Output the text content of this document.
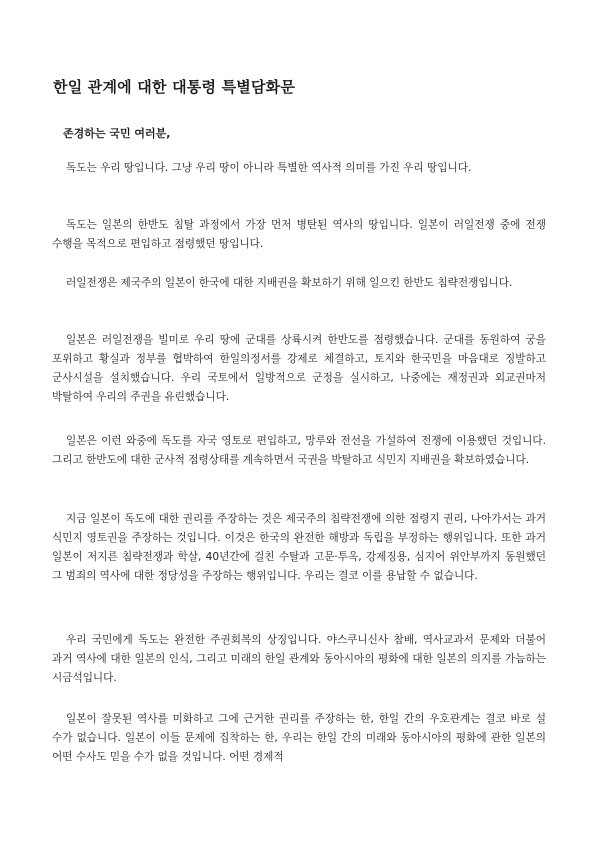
한일 관계에 대한 대통령 특별담화문

존경하는 국민 여러분,

독도는 우리 땅입니다. 그냥 우리 땅이 아니라 특별한 역사적 의미를 가진 우리 땅입니다.

독도는 일본의 한반도 침탈 과정에서 가장 먼저 병탄된 역사의 땅입니다. 일본이 러일전쟁 중에 전쟁 수행을 목적으로 편입하고 점령했던 땅입니다.

러일전쟁은 제국주의 일본이 한국에 대한 지배권을 확보하기 위해 일으킨 한반도 침략전쟁입니다.

일본은 러일전쟁을 빌미로 우리 땅에 군대를 상륙시켜 한반도를 점령했습니다. 군대를 동원하여 궁을 포위하고 황실과 정부를 협박하여 한일의정서를 강제로 체결하고, 토지와 한국민을 마음대로 징발하고 군사시설을 설치했습니다. 우리 국토에서 일방적으로 군정을 실시하고, 나중에는 재정권과 외교권마저 박탈하여 우리의 주권을 유린했습니다.

일본은 이런 와중에 독도를 자국 영토로 편입하고, 망루와 전선을 가설하여 전쟁에 이용했던 것입니다. 그리고 한반도에 대한 군사적 점령상태를 계속하면서 국권을 박탈하고 식민지 지배권을 확보하였습니다.

지금 일본이 독도에 대한 권리를 주장하는 것은 제국주의 침략전쟁에 의한 점령지 권리, 나아가서는 과거 식민지 영토권을 주장하는 것입니다. 이것은 한국의 완전한 해방과 독립을 부정하는 행위입니다. 또한 과거 일본이 저지른 침략전쟁과 학살, 40년간에 걸친 수탈과 고문·투옥, 강제징용, 심지어 위안부까지 동원했던 그 범죄의 역사에 대한 정당성을 주장하는 행위입니다. 우리는 결코 이를 용납할 수 없습니다.

우리 국민에게 독도는 완전한 주권회복의 상징입니다. 야스쿠니신사 참배, 역사교과서 문제와 더불어 과거 역사에 대한 일본의 인식, 그리고 미래의 한일 관계와 동아시아의 평화에 대한 일본의 의지를 가늠하는 시금석입니다.

일본이 잘못된 역사를 미화하고 그에 근거한 권리를 주장하는 한, 한일 간의 우호관계는 결코 바로 설 수가 없습니다. 일본이 이들 문제에 집착하는 한, 우리는 한일 간의 미래와 동아시아의 평화에 관한 일본의 어떤 수사도 믿을 수가 없을 것입니다. 어떤 경제적
